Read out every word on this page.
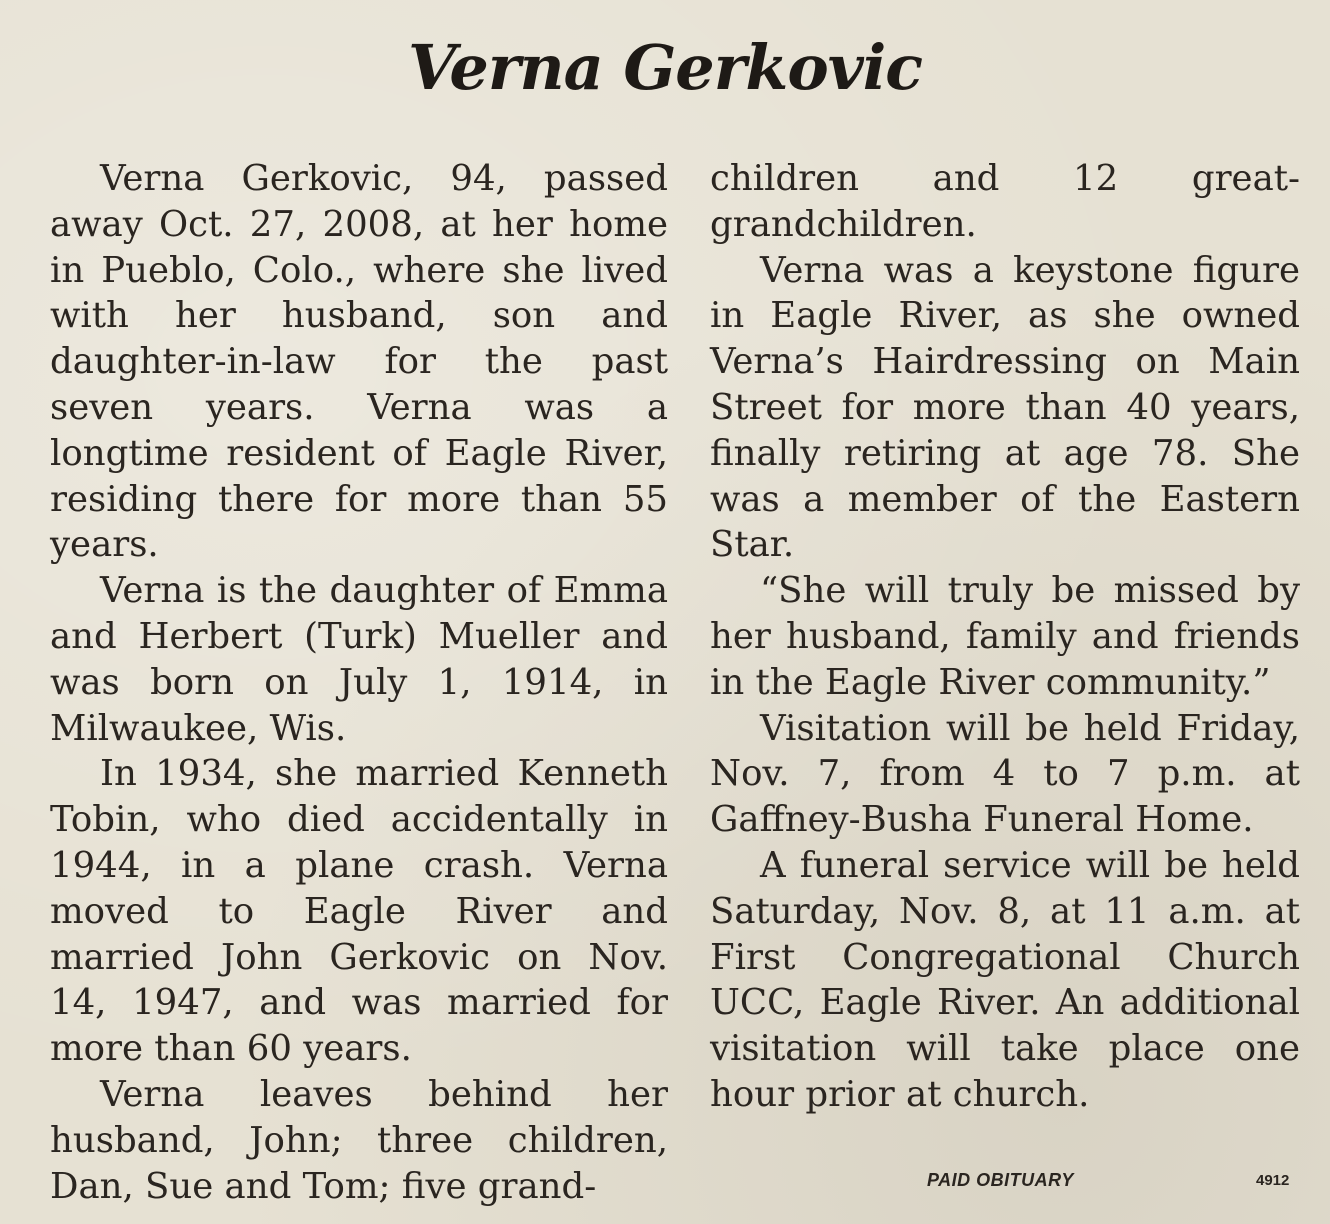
Verna Gerkovic

Verna Gerkovic, 94, passed away Oct. 27, 2008, at her home in Pueblo, Colo., where she lived with her husband, son and daughter-in-law for the past seven years. Verna was a longtime resident of Eagle River, residing there for more than 55 years.

Verna is the daughter of Emma and Herbert (Turk) Mueller and was born on July 1, 1914, in Milwaukee, Wis.

In 1934, she married Kenneth Tobin, who died accidentally in 1944, in a plane crash. Verna moved to Eagle River and married John Gerkovic on Nov. 14, 1947, and was married for more than 60 years.

Verna leaves behind her husband, John; three children, Dan, Sue and Tom; five grand-

children and 12 great-grandchildren.

Verna was a keystone figure in Eagle River, as she owned Verna’s Hairdressing on Main Street for more than 40 years, finally retiring at age 78. She was a member of the Eastern Star.

“She will truly be missed by her husband, family and friends in the Eagle River community.”

Visitation will be held Friday, Nov. 7, from 4 to 7 p.m. at Gaffney-Busha Funeral Home.

A funeral service will be held Saturday, Nov. 8, at 11 a.m. at First Congregational Church UCC, Eagle River. An additional visitation will take place one hour prior at church.

PAID OBITUARY	4912
